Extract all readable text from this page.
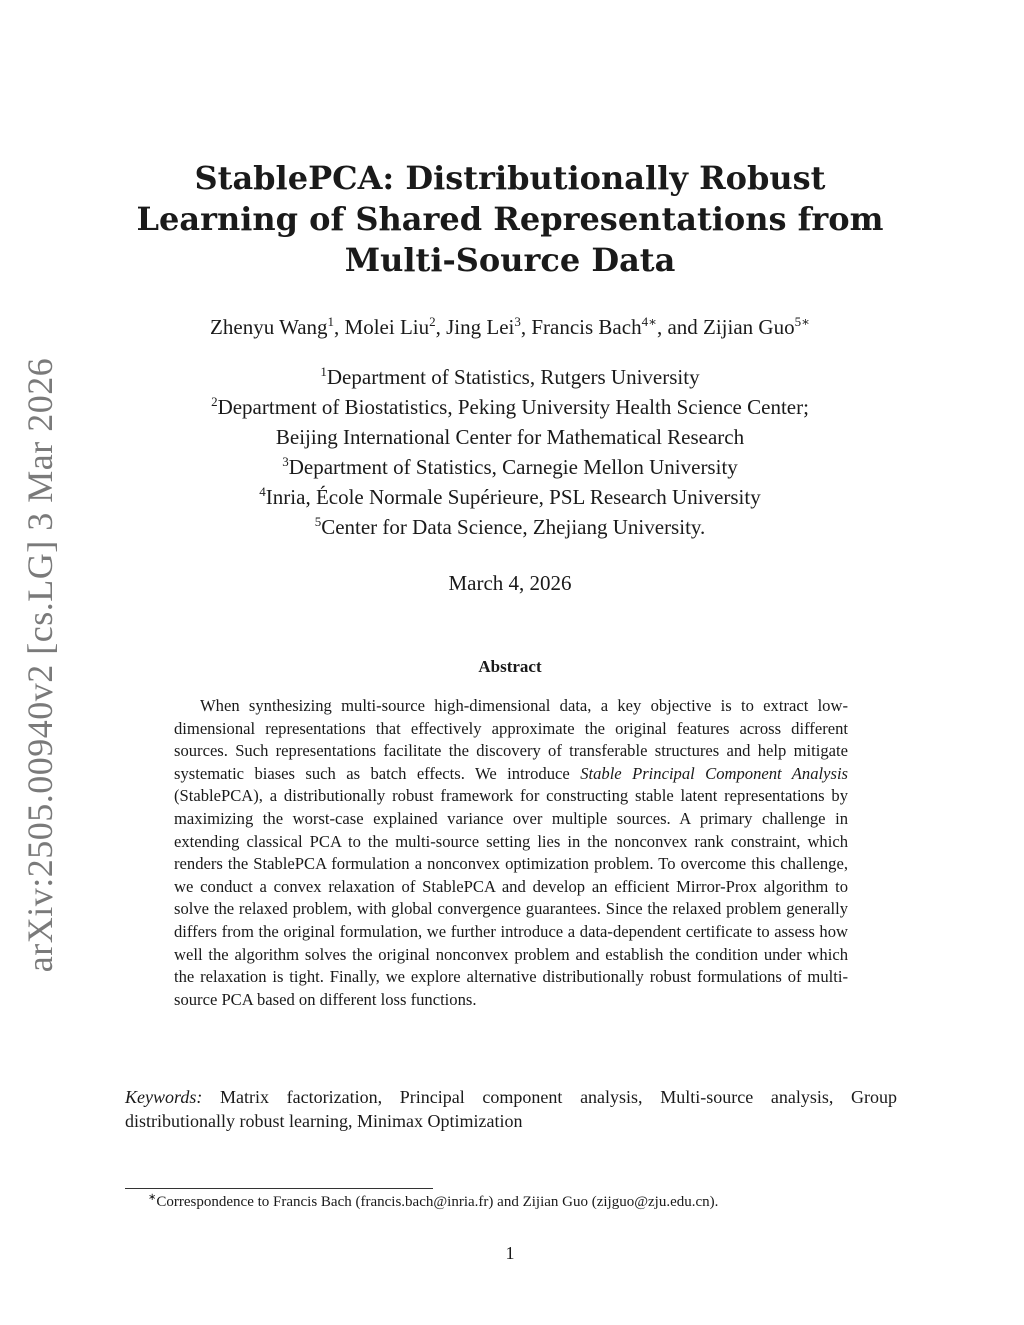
arXiv:2505.00940v2 [cs.LG] 3 Mar 2026
StablePCA: Distributionally Robust Learning of Shared Representations from Multi-Source Data
Zhenyu Wang$^1$, Molei Liu$^2$, Jing Lei$^3$, Francis Bach$^{4∗}$, and Zijian Guo$^{5∗}$
$^1$Department of Statistics, Rutgers University
$^2$Department of Biostatistics, Peking University Health Science Center;
Beijing International Center for Mathematical Research
$^3$Department of Statistics, Carnegie Mellon University
$^4$Inria, École Normale Supérieure, PSL Research University
$^5$Center for Data Science, Zhejiang University.
March 4, 2026
Abstract

When synthesizing multi-source high-dimensional data, a key objective is to extract low-dimensional representations that effectively approximate the original features across different sources. Such representations facilitate the discovery of transferable structures and help mitigate systematic biases such as batch effects. We introduce Stable Principal Component Analysis (StablePCA), a distributionally robust framework for constructing stable latent representations by maximizing the worst-case explained variance over multiple sources. A primary challenge in extending classical PCA to the multi-source setting lies in the nonconvex rank constraint, which renders the StablePCA formulation a nonconvex optimization problem. To overcome this challenge, we conduct a convex relaxation of StablePCA and develop an efficient Mirror-Prox algorithm to solve the relaxed problem, with global convergence guarantees. Since the relaxed problem generally differs from the original formulation, we further introduce a data-dependent certificate to assess how well the algorithm solves the original nonconvex problem and establish the condition under which the relaxation is tight. Finally, we explore alternative distributionally robust formulations of multi-source PCA based on different loss functions.

Keywords: Matrix factorization, Principal component analysis, Multi-source analysis, Group distributionally robust learning, Minimax Optimization

∗Correspondence to Francis Bach (francis.bach@inria.fr) and Zijian Guo (zijguo@zju.edu.cn).
1
